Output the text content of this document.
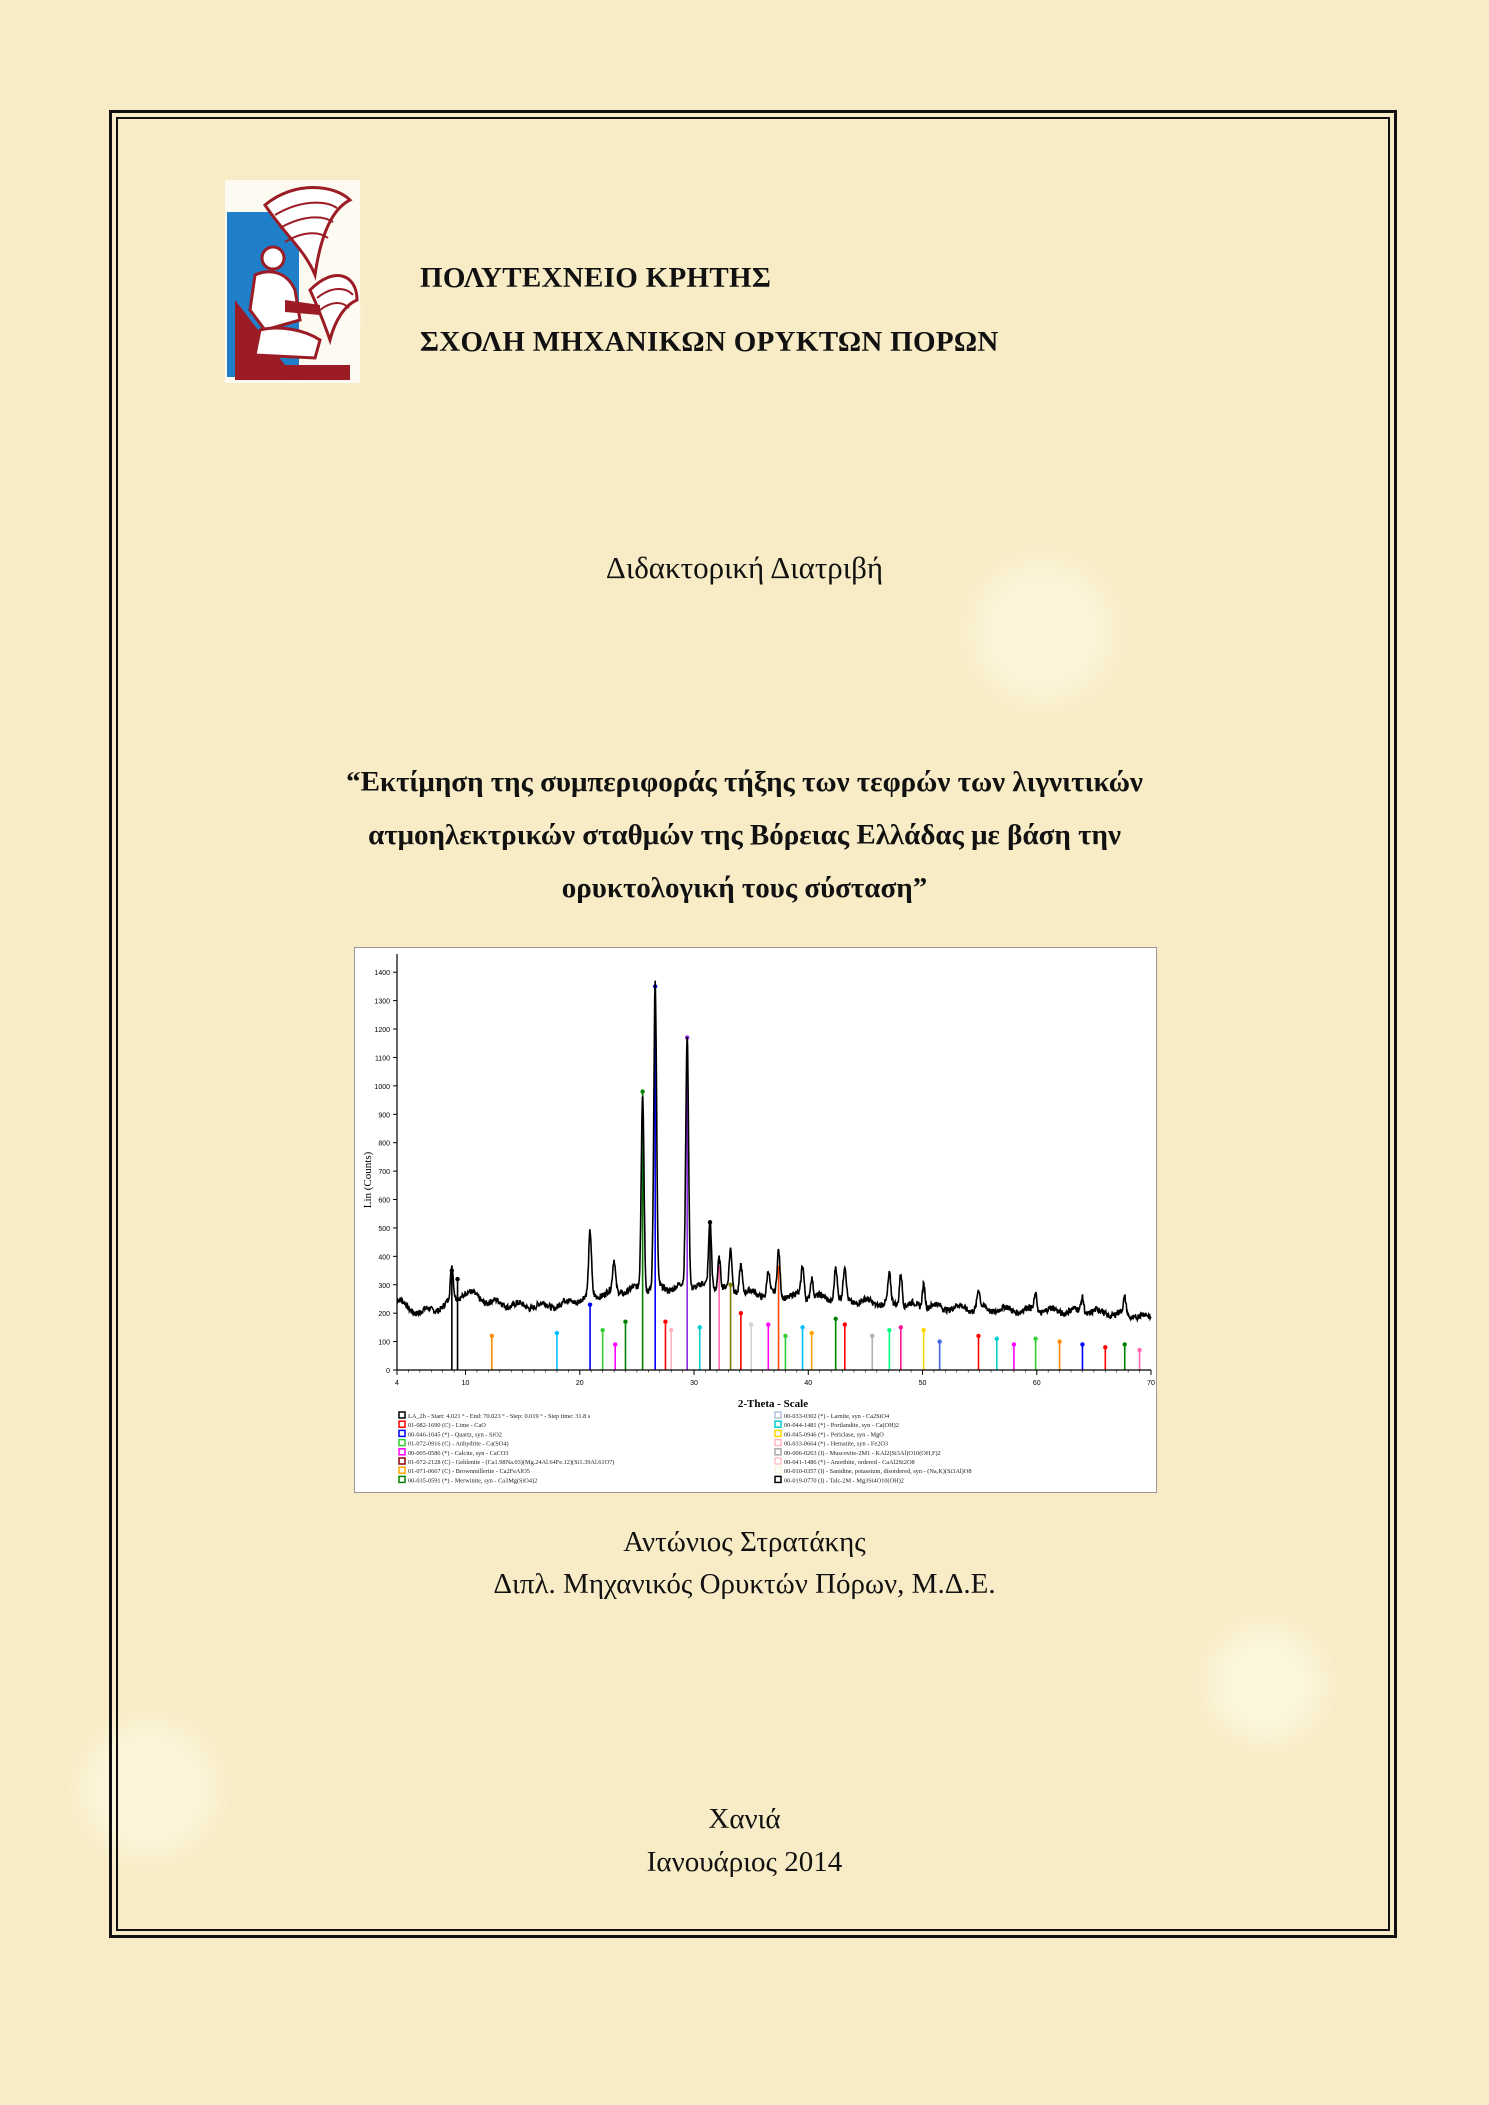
ΠΟΛΥΤΕΧΝΕΙΟ ΚΡΗΤΗΣ
ΣΧΟΛΗ ΜΗΧΑΝΙΚΩΝ ΟΡΥΚΤΩΝ ΠΟΡΩΝ
Διδακτορική Διατριβή
“Εκτίμηση της συμπεριφοράς τήξης των τεφρών των λιγνιτικών
ατμοηλεκτρικών σταθμών της Βόρειας Ελλάδας με βάση την
ορυκτολογική τους σύσταση”
0
100
200
300
400
500
600
700
800
900
1000
1100
1200
1300
1400
4	10	20	30	40	50	60	70
Lin (Counts)
2-Theta - Scale
LA_2h - Start: 4.021 ° - End: 70.023 ° - Step: 0.019 ° - Step time: 31.8 s
01-082-1690 (C) - Lime - CaO
00-046-1045 (*) - Quartz, syn - SiO2
01-072-0916 (C) - Anhydrite - Ca(SO4)
00-005-0586 (*) - Calcite, syn - CaCO3
01-072-2128 (C) - Gehlenite - (Ca1.98Na.03)(Mg.24Al.64Fe.12)(Si1.39Al.61O7)
01-071-0667 (C) - Brownmillerite - Ca2FeAlO5
00-035-0591 (*) - Merwinite, syn - Ca3Mg(SiO4)2
00-033-0302 (*) - Larnite, syn - Ca2SiO4
00-044-1481 (*) - Portlandite, syn - Ca(OH)2
00-045-0946 (*) - Periclase, syn - MgO
00-033-0664 (*) - Hematite, syn - Fe2O3
00-006-0263 (I) - Muscovite-2M1 - KAl2(Si3Al)O10(OH,F)2
00-041-1486 (*) - Anorthite, ordered - CaAl2Si2O8
00-010-0357 (I) - Sanidine, potassium, disordered, syn - (Na,K)(Si3Al)O8
00-019-0770 (I) - Talc-2M - Mg3Si4O10(OH)2
Αντώνιος Στρατάκης
Διπλ. Μηχανικός Ορυκτών Πόρων, Μ.Δ.Ε.
Χανιά
Ιανουάριος 2014
